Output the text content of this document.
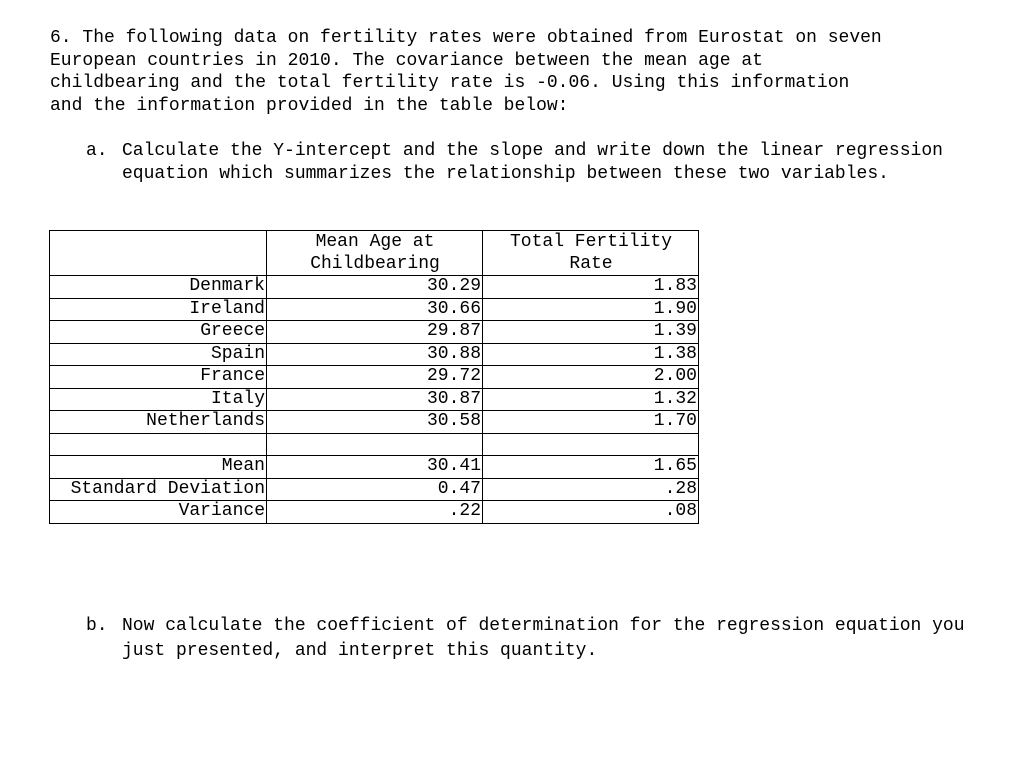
6. The following data on fertility rates were obtained from Eurostat on seven
European countries in 2010. The covariance between the mean age at
childbearing and the total fertility rate is -0.06. Using this information
and the information provided in the table below:

a. Calculate the Y-intercept and the slope and write down the linear regression equation which summarizes the relationship between these two variables.
	Mean Age at Childbearing	Total Fertility Rate
Denmark	30.29	1.83
Ireland	30.66	1.90
Greece	29.87	1.39
Spain	30.88	1.38
France	29.72	2.00
Italy	30.87	1.32
Netherlands	30.58	1.70

Mean	30.41	1.65
Standard Deviation	0.47	.28
Variance	.22	.08
b. Now calculate the coefficient of determination for the regression equation you just presented, and interpret this quantity.
